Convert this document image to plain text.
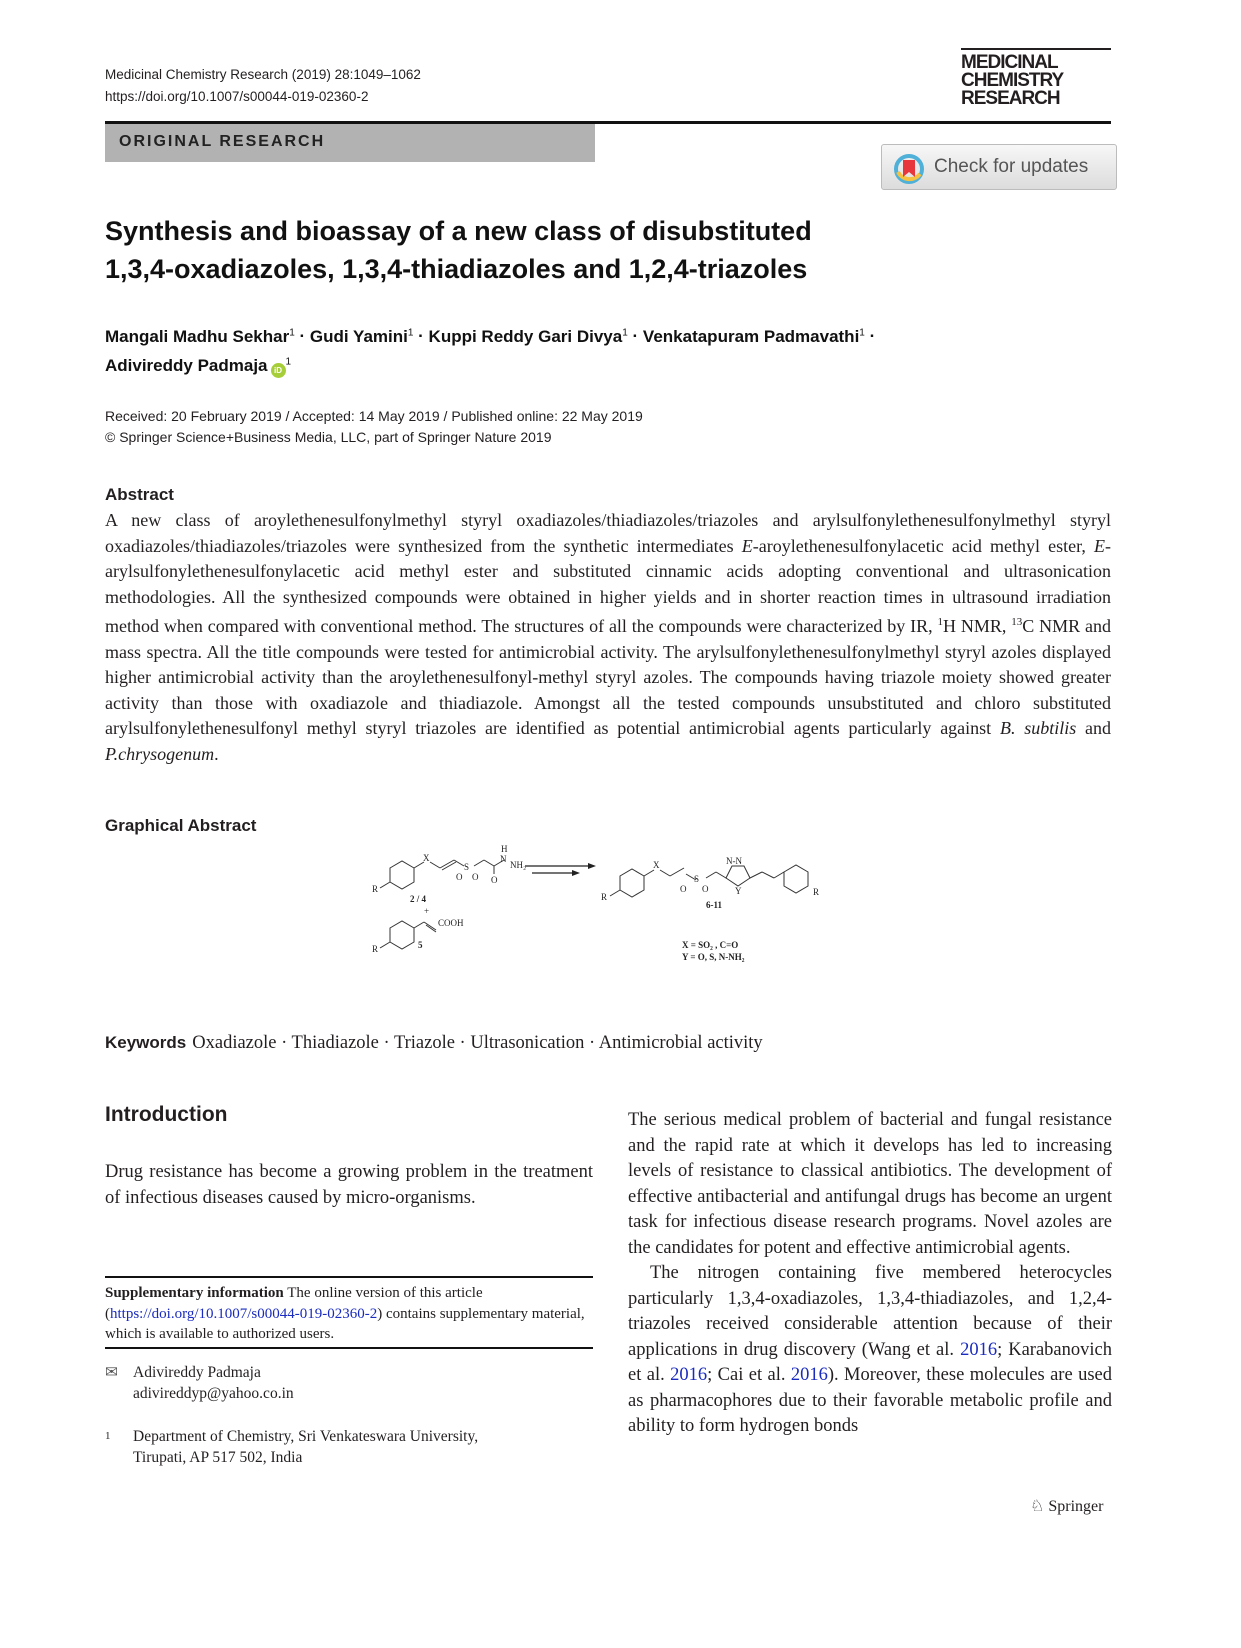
Medicinal Chemistry Research (2019) 28:1049–1062
https://doi.org/10.1007/s00044-019-02360-2
MEDICINAL
CHEMISTRY
RESEARCH
ORIGINAL RESEARCH
Check for updates
Synthesis and bioassay of a new class of disubstituted
1,3,4-oxadiazoles, 1,3,4-thiadiazoles and 1,2,4-triazoles
Mangali Madhu Sekhar$^1$ · Gudi Yamini$^1$ · Kuppi Reddy Gari Divya$^1$ · Venkatapuram Padmavathi$^1$ ·
Adivireddy Padmaja $iD^1$
Received: 20 February 2019 / Accepted: 14 May 2019 / Published online: 22 May 2019
© Springer Science+Business Media, LLC, part of Springer Nature 2019
Abstract
A new class of aroylethenesulfonylmethyl styryl oxadiazoles/thiadiazoles/triazoles and arylsulfonylethenesulfonylmethyl styryl oxadiazoles/thiadiazoles/triazoles were synthesized from the synthetic intermediates E-aroylethenesulfonylacetic acid methyl ester, E-arylsulfonylethenesulfonylacetic acid methyl ester and substituted cinnamic acids adopting conventional and ultrasonication methodologies. All the synthesized compounds were obtained in higher yields and in shorter reaction times in ultrasound irradiation method when compared with conventional method. The structures of all the compounds were characterized by IR, $^1$H NMR, $^{13}$C NMR and mass spectra. All the title compounds were tested for antimicrobial activity. The arylsulfonylethenesulfonylmethyl styryl azoles displayed higher antimicrobial activity than the aroylethenesulfonyl-methyl styryl azoles. The compounds having triazole moiety showed greater activity than those with oxadiazole and thiadiazole. Amongst all the tested compounds unsubstituted and chloro substituted arylsulfonylethenesulfonyl methyl styryl triazoles are identified as potential antimicrobial agents particularly against B. subtilis and P.chrysogenum.
Graphical Abstract
R
X
S
O O O
H
N
NH₂
2 / 4
+
COOH
R	5
R
X
S
O O
N-N
Y	R
6-11
X = SO₂ , C=O
Y = O, S, N-NH₂
Keywords Oxadiazole · Thiadiazole · Triazole · Ultrasonication · Antimicrobial activity
Introduction
Drug resistance has become a growing problem in the treatment of infectious diseases caused by micro-organisms.

The serious medical problem of bacterial and fungal resistance and the rapid rate at which it develops has led to increasing levels of resistance to classical antibiotics. The development of effective antibacterial and antifungal drugs has become an urgent task for infectious disease research programs. Novel azoles are the candidates for potent and effective antimicrobial agents.

The nitrogen containing five membered heterocycles particularly 1,3,4-oxadiazoles, 1,3,4-thiadiazoles, and 1,2,4-triazoles received considerable attention because of their applications in drug discovery (Wang et al. 2016; Karabanovich et al. 2016; Cai et al. 2016). Moreover, these molecules are used as pharmacophores due to their favorable metabolic profile and ability to form hydrogen bonds

Supplementary information The online version of this article (https://doi.org/10.1007/s00044-019-02360-2) contains supplementary material, which is available to authorized users.
✉ Adivireddy Padmaja
adivireddyp@yahoo.co.in
1	Department of Chemistry, Sri Venkateswara University,
Tirupati, AP 517 502, India
♘ Springer
